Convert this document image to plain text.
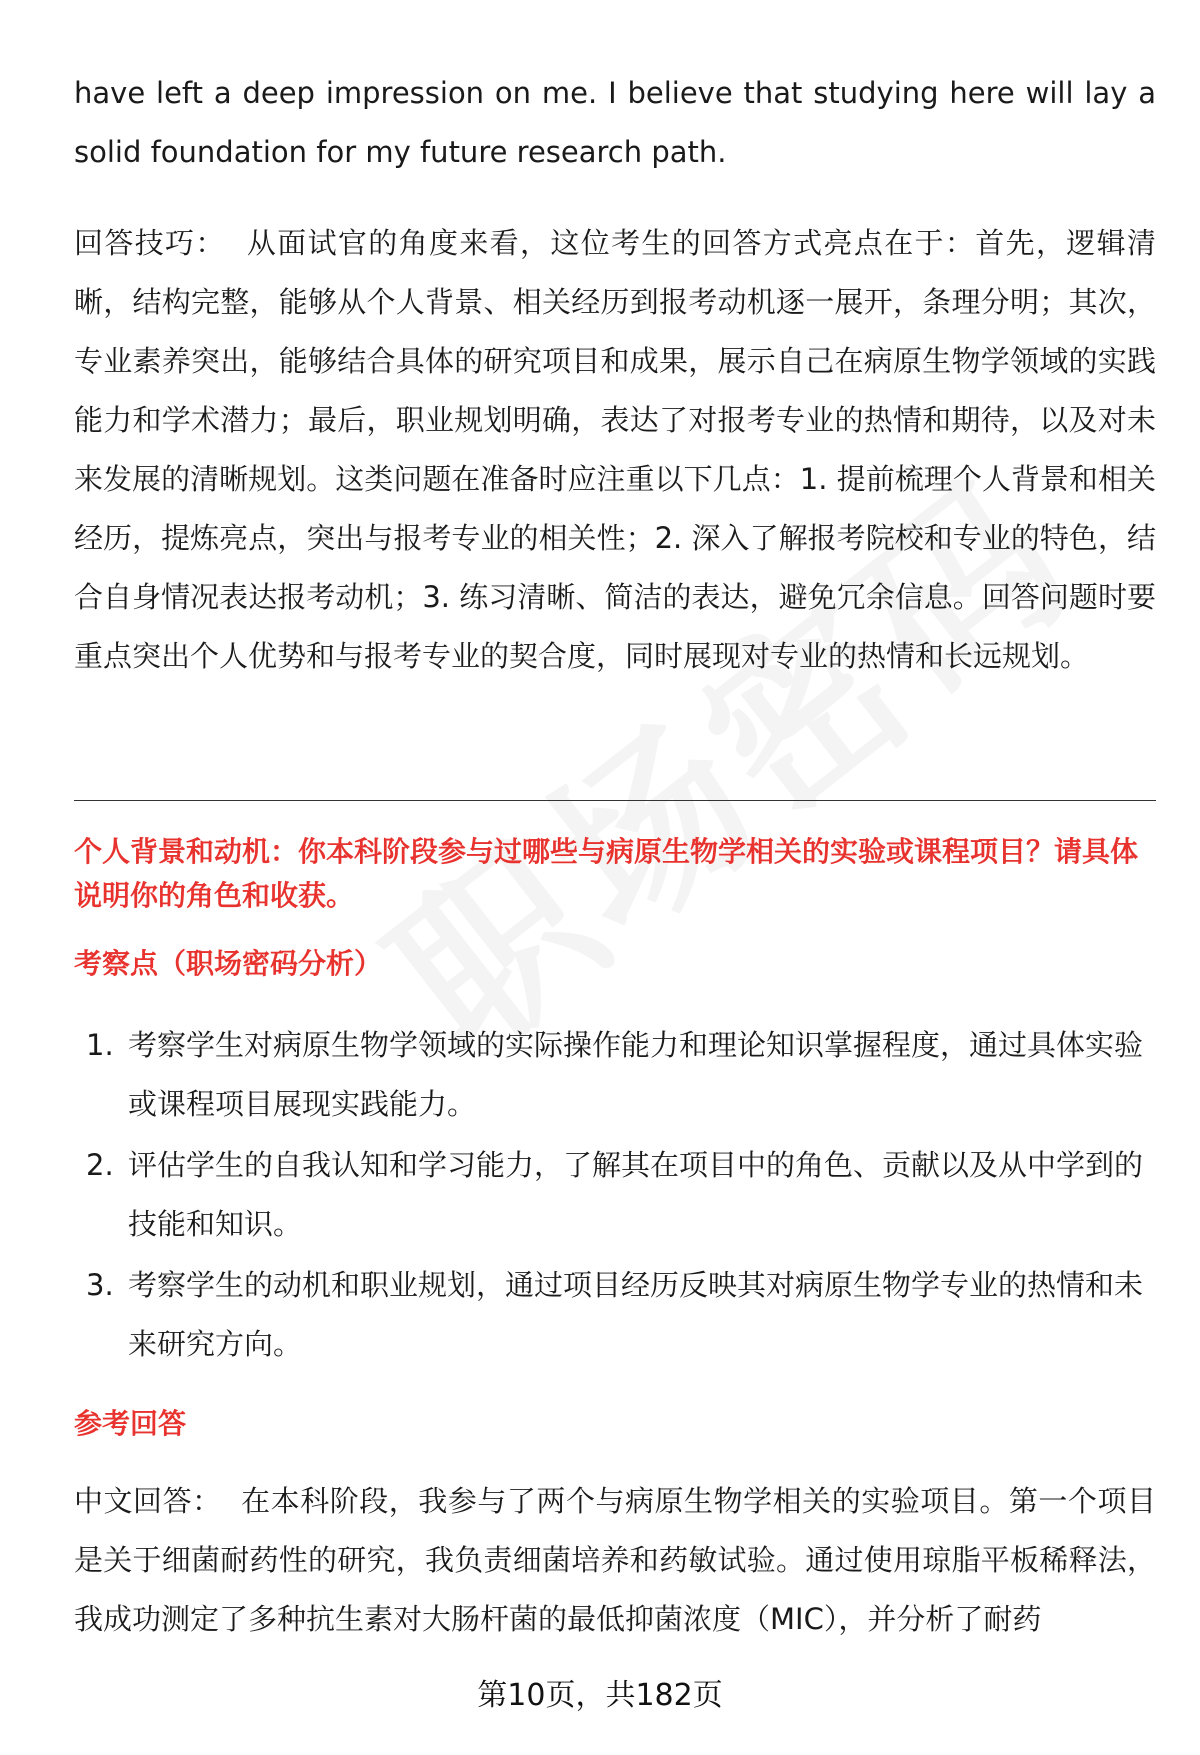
have left a deep impression on me. I believe that studying here will lay a solid foundation for my future research path.

回答技巧： 从面试官的角度来看，这位考生的回答方式亮点在于：首先，逻辑清晰，结构完整，能够从个人背景、相关经历到报考动机逐一展开，条理分明；其次，专业素养突出，能够结合具体的研究项目和成果，展示自己在病原生物学领域的实践能力和学术潜力；最后，职业规划明确，表达了对报考专业的热情和期待，以及对未来发展的清晰规划。这类问题在准备时应注重以下几点：1. 提前梳理个人背景和相关经历，提炼亮点，突出与报考专业的相关性；2. 深入了解报考院校和专业的特色，结合自身情况表达报考动机；3. 练习清晰、简洁的表达，避免冗余信息。回答问题时要重点突出个人优势和与报考专业的契合度，同时展现对专业的热情和长远规划。

个人背景和动机：你本科阶段参与过哪些与病原生物学相关的实验或课程项目？请具体说明你的角色和收获。

考察点（职场密码分析）

1. 考察学生对病原生物学领域的实际操作能力和理论知识掌握程度，通过具体实验或课程项目展现实践能力。
2. 评估学生的自我认知和学习能力，了解其在项目中的角色、贡献以及从中学到的技能和知识。
3. 考察学生的动机和职业规划，通过项目经历反映其对病原生物学专业的热情和未来研究方向。

参考回答

中文回答： 在本科阶段，我参与了两个与病原生物学相关的实验项目。第一个项目是关于细菌耐药性的研究，我负责细菌培养和药敏试验。通过使用琼脂平板稀释法，我成功测定了多种抗生素对大肠杆菌的最低抑菌浓度（MIC），并分析了耐药

第10页，共182页
